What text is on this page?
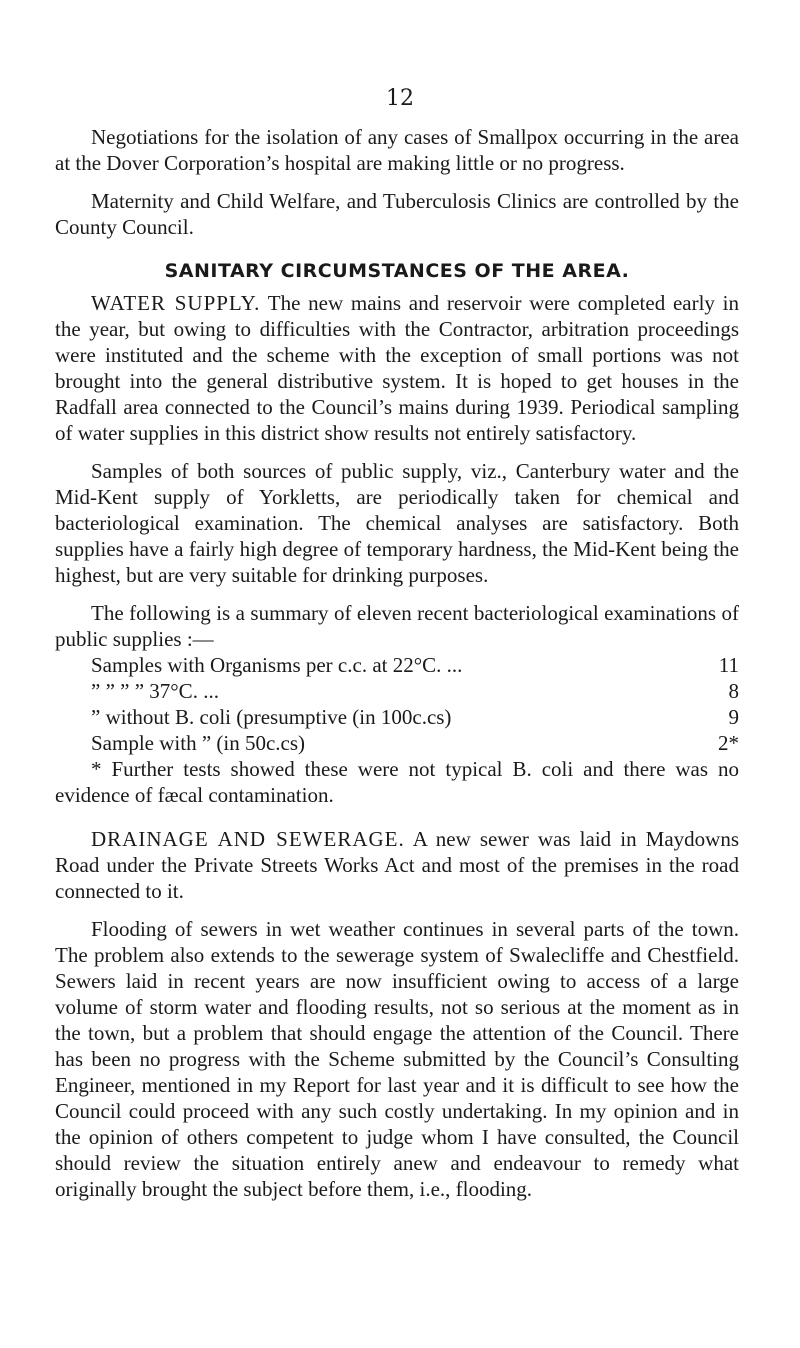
12

Negotiations for the isolation of any cases of Smallpox occurring in the area at the Dover Corporation’s hospital are making little or no progress.

Maternity and Child Welfare, and Tuberculosis Clinics are controlled by the County Council.

SANITARY CIRCUMSTANCES OF THE AREA.

WATER SUPPLY. The new mains and reservoir were completed early in the year, but owing to difficulties with the Contractor, arbitration proceedings were instituted and the scheme with the exception of small portions was not brought into the general distributive system. It is hoped to get houses in the Radfall area connected to the Council’s mains during 1939. Periodical sampling of water supplies in this district show results not entirely satisfactory.

Samples of both sources of public supply, viz., Canterbury water and the Mid-Kent supply of Yorkletts, are periodically taken for chemical and bacteriological examination. The chemical analyses are satisfactory. Both supplies have a fairly high degree of temporary hardness, the Mid-Kent being the highest, but are very suitable for drinking purposes.

The following is a summary of eleven recent bacteriological examinations of public supplies :—

Samples with Organisms per c.c. at 22°C. ...	11
” ” ” ” 37°C. ...	8
” without B. coli (presumptive (in 100c.cs)	9
Sample with ” (in 50c.cs)	2*

* Further tests showed these were not typical B. coli and there was no evidence of fæcal contamination.

DRAINAGE AND SEWERAGE. A new sewer was laid in Maydowns Road under the Private Streets Works Act and most of the premises in the road connected to it.

Flooding of sewers in wet weather continues in several parts of the town. The problem also extends to the sewerage system of Swalecliffe and Chestfield. Sewers laid in recent years are now insufficient owing to access of a large volume of storm water and flooding results, not so serious at the moment as in the town, but a problem that should engage the attention of the Council. There has been no progress with the Scheme submitted by the Council’s Consulting Engineer, mentioned in my Report for last year and it is difficult to see how the Council could proceed with any such costly undertaking. In my opinion and in the opinion of others competent to judge whom I have consulted, the Council should review the situation entirely anew and endeavour to remedy what originally brought the subject before them, i.e., flooding.
